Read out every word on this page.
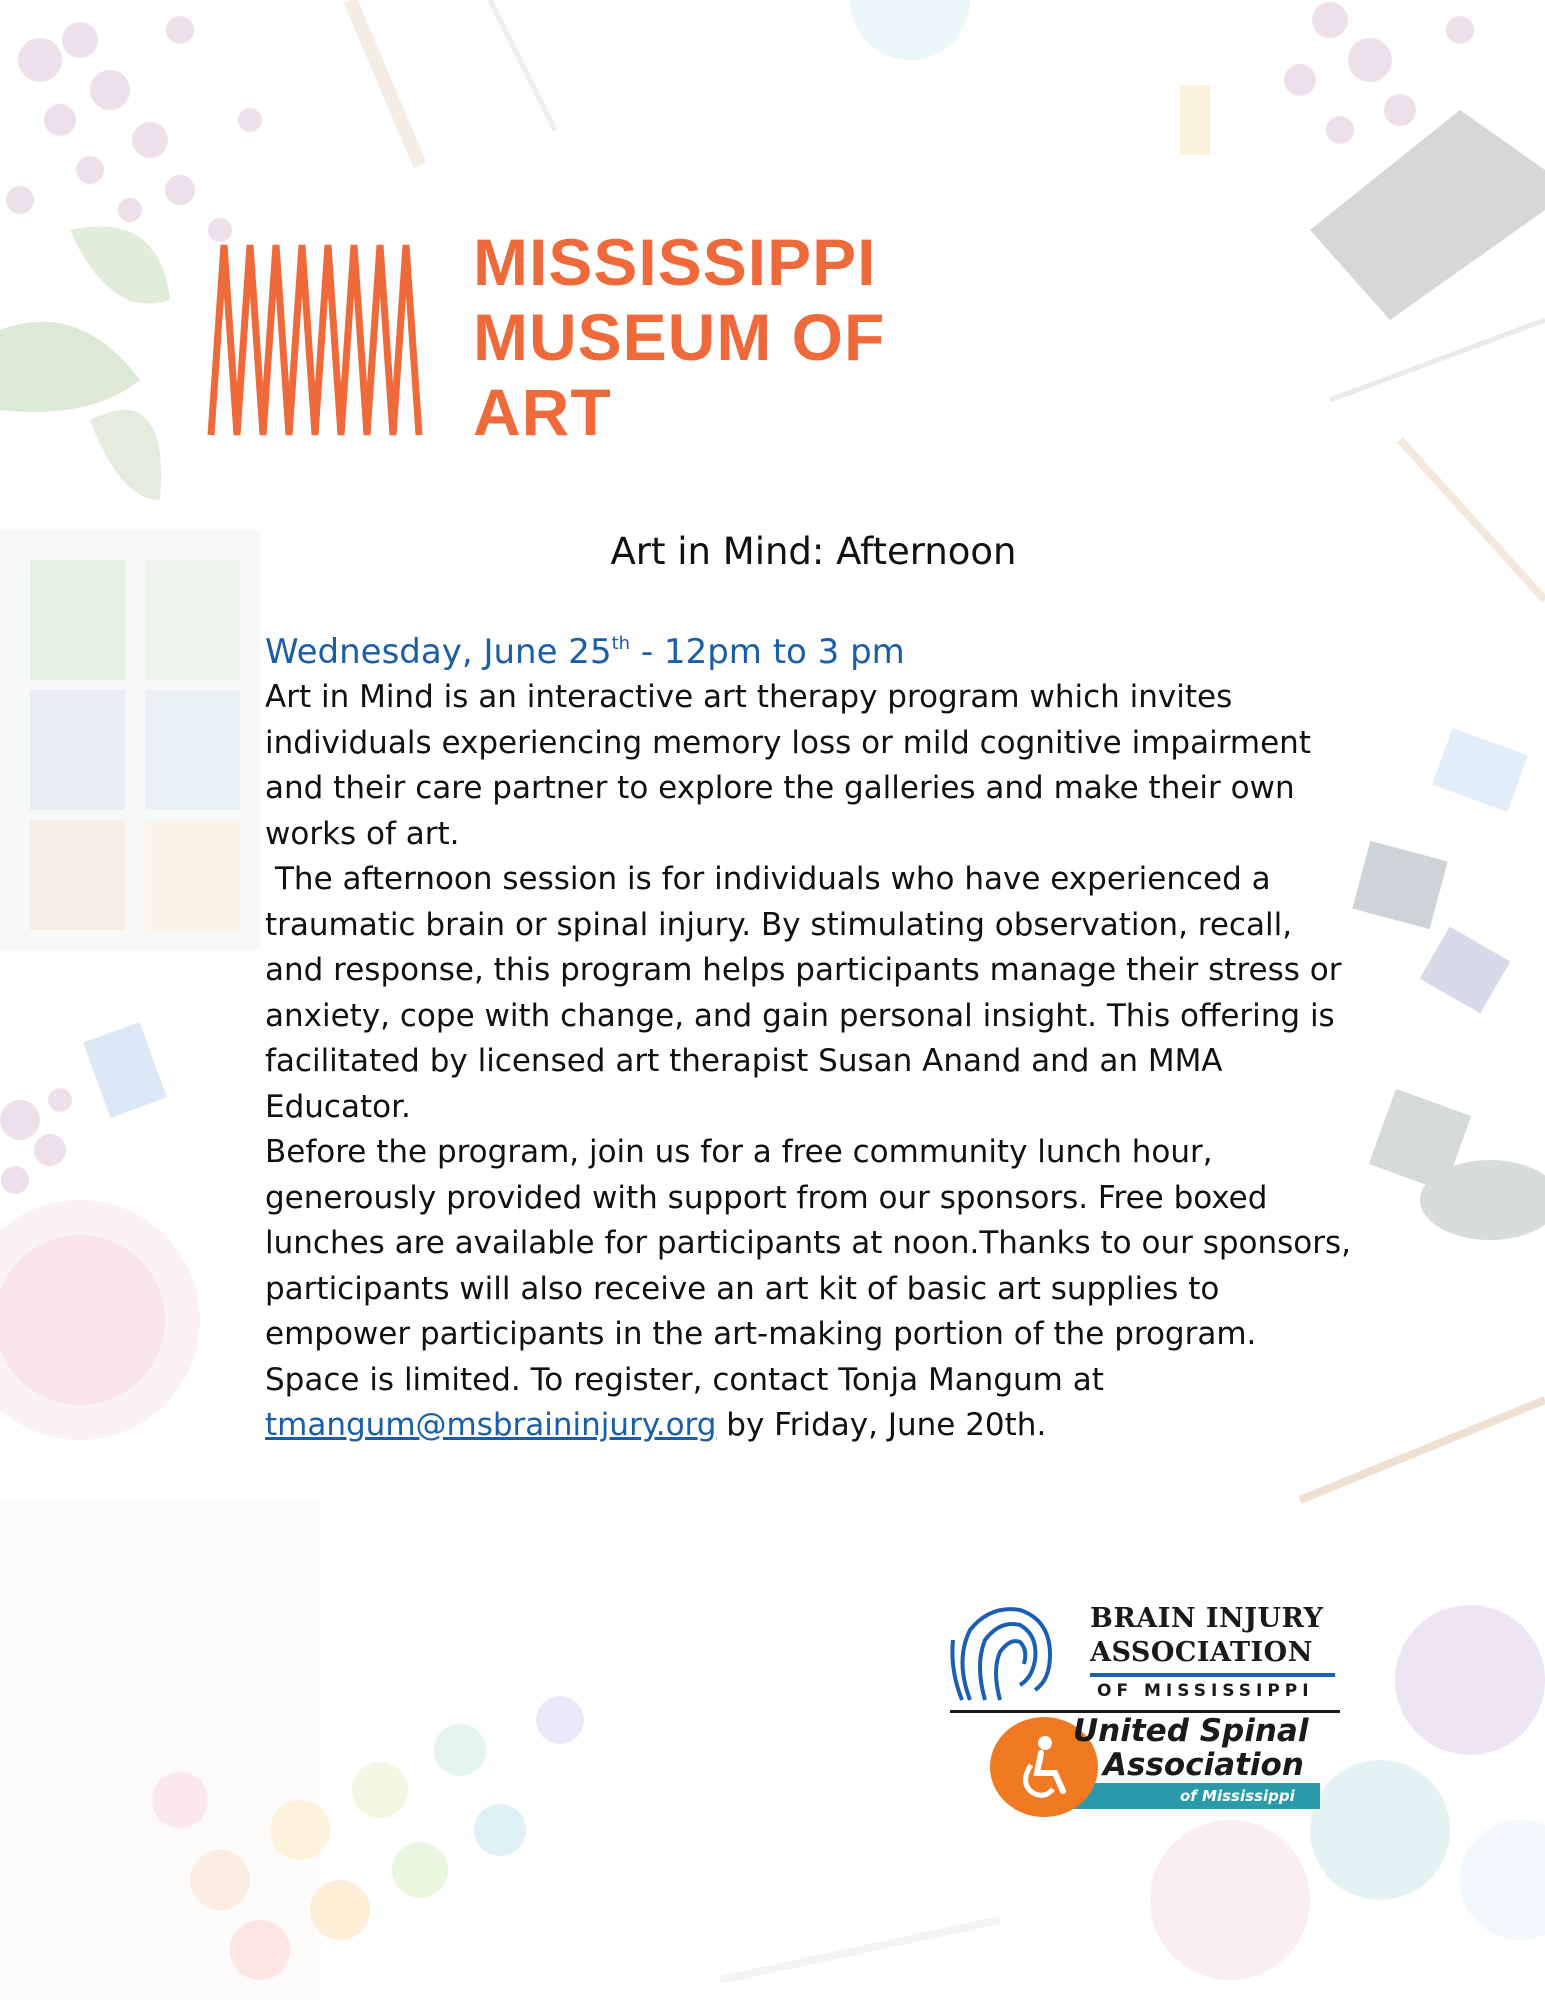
MISSISSIPPI
MUSEUM OF
ART
Art in Mind: Afternoon
Wednesday, June 25th - 12pm to 3 pm

Art in Mind is an interactive art therapy program which invites individuals experiencing memory loss or mild cognitive impairment and their care partner to explore the galleries and make their own works of art.

The afternoon session is for individuals who have experienced a traumatic brain or spinal injury. By stimulating observation, recall, and response, this program helps participants manage their stress or anxiety, cope with change, and gain personal insight. This offering is facilitated by licensed art therapist Susan Anand and an MMA Educator.

Before the program, join us for a free community lunch hour, generously provided with support from our sponsors. Free boxed lunches are available for participants at noon.Thanks to our sponsors, participants will also receive an art kit of basic art supplies to empower participants in the art-making portion of the program.

Space is limited. To register, contact Tonja Mangum at tmangum@msbraininjury.org by Friday, June 20th.

BRAIN INJURY
ASSOCIATION
OF MISSISSIPPI
United Spinal
Association
of Mississippi
